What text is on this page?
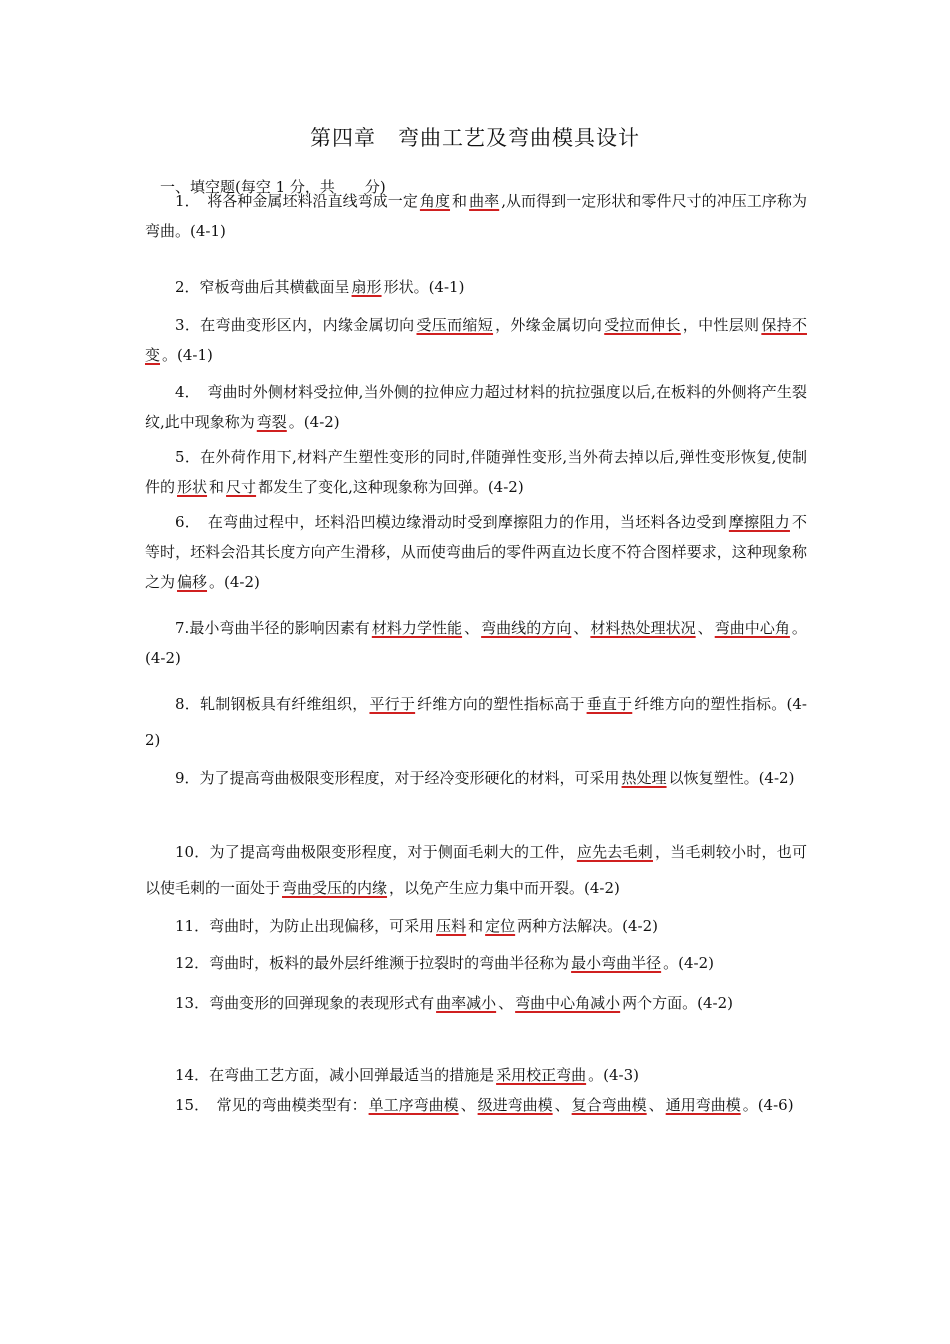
第四章　弯曲工艺及弯曲模具设计
一、填空题(每空 1 分，共　　分)

1．　将各种金属坯料沿直线弯成一定 角度 和 曲率 ,从而得到一定形状和零件尺寸的冲压工序称为弯曲。(4-1)

2．窄板弯曲后其横截面呈 扇形 形状。(4-1)

3．在弯曲变形区内，内缘金属切向 受压而缩短 ，外缘金属切向 受拉而伸长 ，中性层则 保持不变 。(4-1)

4．　弯曲时外侧材料受拉伸,当外侧的拉伸应力超过材料的抗拉强度以后,在板料的外侧将产生裂纹,此中现象称为 弯裂 。(4-2)

5．在外荷作用下,材料产生塑性变形的同时,伴随弹性变形,当外荷去掉以后,弹性变形恢复,使制件的 形状 和 尺寸 都发生了变化,这种现象称为回弹。(4-2)

6．　在弯曲过程中，坯料沿凹模边缘滑动时受到摩擦阻力的作用，当坯料各边受到 摩擦阻力 不等时，坯料会沿其长度方向产生滑移，从而使弯曲后的零件两直边长度不符合图样要求，这种现象称之为 偏移 。(4-2)

7.最小弯曲半径的影响因素有 材料力学性能 、 弯曲线的方向 、 材料热处理状况 、 弯曲中心角 。(4-2)

8．轧制钢板具有纤维组织， 平行于 纤维方向的塑性指标高于 垂直于 纤维方向的塑性指标。(4-2)

9．为了提高弯曲极限变形程度，对于经冷变形硬化的材料，可采用 热处理 以恢复塑性。(4-2)

10．为了提高弯曲极限变形程度，对于侧面毛刺大的工件， 应先去毛刺 ，当毛刺较小时，也可以使毛刺的一面处于 弯曲受压的内缘 ，以免产生应力集中而开裂。(4-2)

11．弯曲时，为防止出现偏移，可采用 压料 和 定位 两种方法解决。(4-2)

12．弯曲时，板料的最外层纤维濒于拉裂时的弯曲半径称为 最小弯曲半径 。(4-2)

13．弯曲变形的回弹现象的表现形式有 曲率减小 、 弯曲中心角减小 两个方面。(4-2)

14．在弯曲工艺方面，减小回弹最适当的措施是 采用校正弯曲 。(4-3)

15．　常见的弯曲模类型有： 单工序弯曲模 、 级进弯曲模 、 复合弯曲模 、 通用弯曲模 。(4-6)
